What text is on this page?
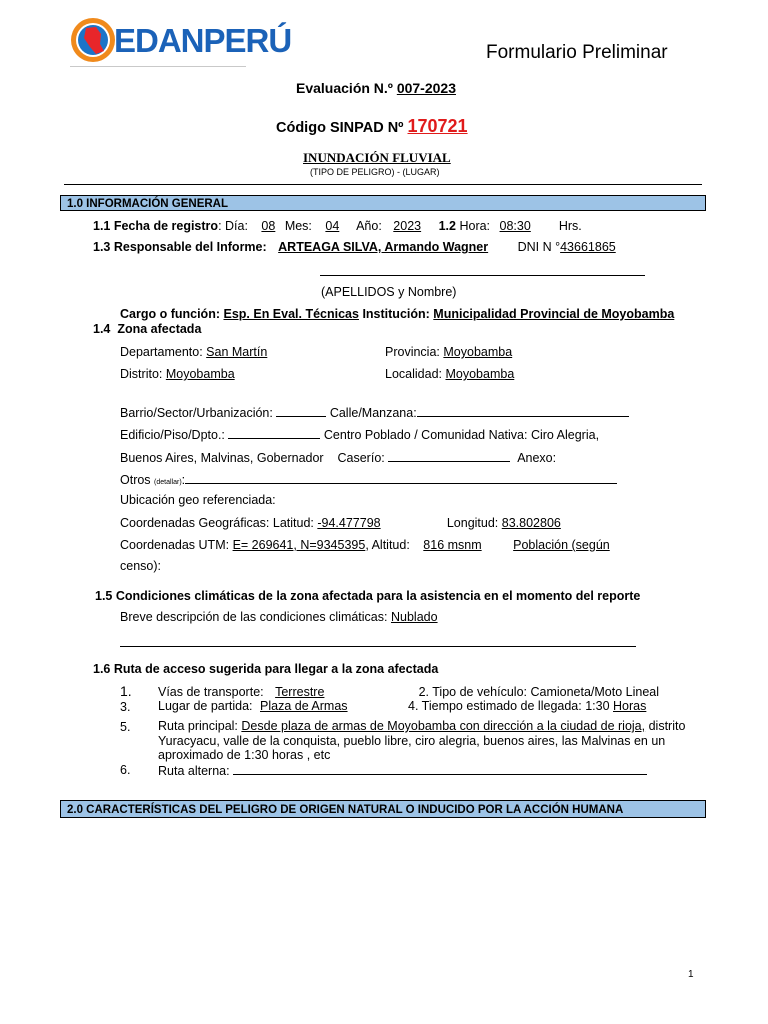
EDANPERÚ	Formulario Preliminar
Evaluación N.º 007-2023
Código SINPAD Nº 170721
INUNDACIÓN FLUVIAL
(TIPO DE PELIGRO) - (LUGAR)
1.0 INFORMACIÓN GENERAL
1.1 Fecha de registro: Día: 08 Mes: 04 Año: 2023 1.2 Hora: 08:30 Hrs.
1.3 Responsable del Informe: ARTEAGA SILVA, Armando Wagner DNI N °43661865
(APELLIDOS y Nombre)
Cargo o función: Esp. En Eval. Técnicas Institución: Municipalidad Provincial de Moyobamba
1.4 Zona afectada
Departamento: San Martín	Provincia: Moyobamba
Distrito: Moyobamba	Localidad: Moyobamba
Barrio/Sector/Urbanización:	Calle/Manzana:
Edificio/Piso/Dpto.:	Centro Poblado / Comunidad Nativa: Ciro Alegria,
Buenos Aires, Malvinas, Gobernador Caserío:	Anexo:
Otros (detallar):
Ubicación geo referenciada:
Coordenadas Geográficas: Latitud: -94.477798	Longitud: 83.802806
Coordenadas UTM: E= 269641, N=9345395, Altitud: 816 msnm	Población (según
censo):
1.5 Condiciones climáticas de la zona afectada para la asistencia en el momento del reporte
Breve descripción de las condiciones climáticas: Nublado
1.6 Ruta de acceso sugerida para llegar a la zona afectada
1. Vías de transporte: Terrestre	2. Tipo de vehículo: Camioneta/Moto Lineal
3. Lugar de partida: Plaza de Armas	4. Tiempo estimado de llegada: 1:30 Horas
5. Ruta principal: Desde plaza de armas de Moyobamba con dirección a la ciudad de rioja, distrito
Yuracyacu, valle de la conquista, pueblo libre, ciro alegria, buenos aires, las Malvinas en un
aproximado de 1:30 horas , etc
6. Ruta alterna:
2.0 CARACTERÍSTICAS DEL PELIGRO DE ORIGEN NATURAL O INDUCIDO POR LA ACCIÓN HUMANA
1
